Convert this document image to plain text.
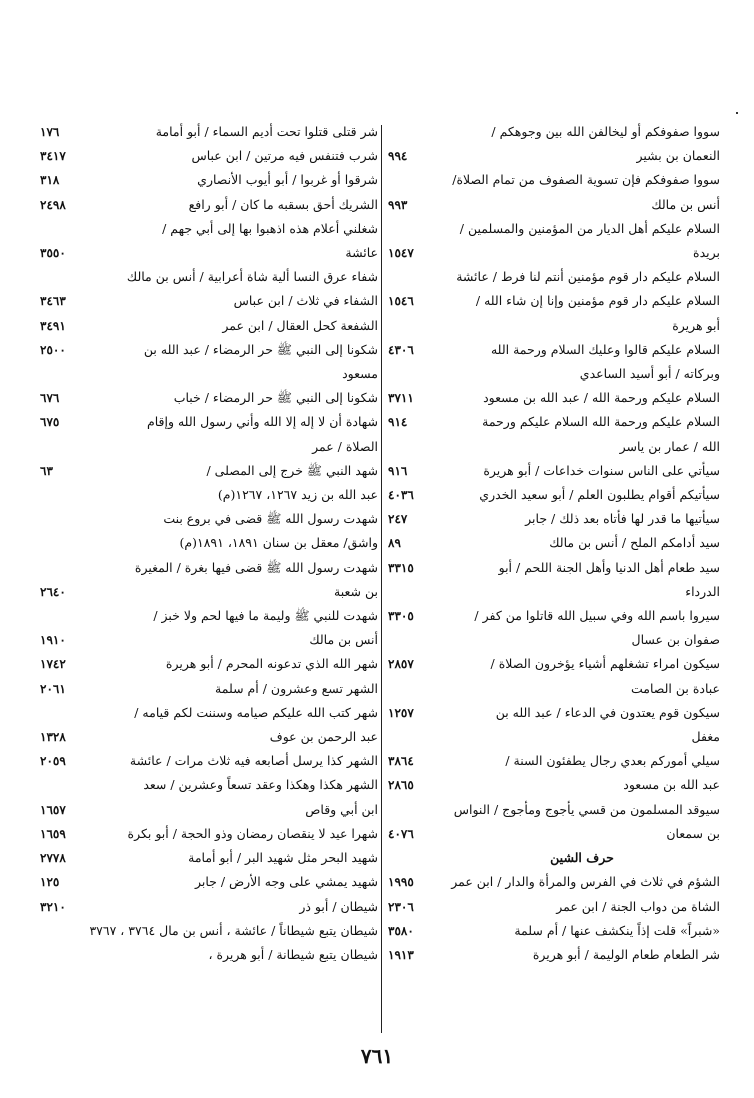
سووا صفوفكم أو ليخالفن الله بين وجوهكم /
النعمان بن بشير
٩٩٤
سووا صفوفكم فإن تسوية الصفوف من تمام الصلاة/
أنس بن مالك
٩٩٣
السلام عليكم أهل الديار من المؤمنين والمسلمين /
بريدة
١٥٤٧
السلام عليكم دار قوم مؤمنين أنتم لنا فرط / عائشة
السلام عليكم دار قوم مؤمنين وإنا إن شاء الله /
١٥٤٦
أبو هريرة
السلام عليكم قالوا وعليك السلام ورحمة الله
٤٣٠٦
وبركاته / أبو أسيد الساعدي
السلام عليكم ورحمة الله / عبد الله بن مسعود
٣٧١١
السلام عليكم ورحمة الله السلام عليكم ورحمة
٩١٤
الله / عمار بن ياسر
سيأتي على الناس سنوات خداعات / أبو هريرة
٩١٦
سيأتيكم أقوام يطلبون العلم / أبو سعيد الخدري
٤٠٣٦
سيأتيها ما قدر لها فأتاه بعد ذلك / جابر
٢٤٧
سيد أدامكم الملح / أنس بن مالك
٨٩
سيد طعام أهل الدنيا وأهل الجنة اللحم / أبو
٣٣١٥
الدرداء
سيروا باسم الله وفي سبيل الله قاتلوا من كفر /
٣٣٠٥
صفوان بن عسال
سيكون امراء تشغلهم أشياء يؤخرون الصلاة /
٢٨٥٧
عبادة بن الصامت
سيكون قوم يعتدون في الدعاء / عبد الله بن
١٢٥٧
مغفل
سيلي أموركم بعدي رجال يطفئون السنة /
٣٨٦٤
عبد الله بن مسعود
٢٨٦٥
سيوقد المسلمون من قسي يأجوج ومأجوج / النواس
بن سمعان
٤٠٧٦
حرف الشين
الشؤم في ثلاث في الفرس والمرأة والدار / ابن عمر
١٩٩٥
الشاة من دواب الجنة / ابن عمر
٢٣٠٦
«شبراً» قلت إذاً ينكشف عنها / أم سلمة
٣٥٨٠
شر الطعام طعام الوليمة / أبو هريرة
١٩١٣
شر قتلى قتلوا تحت أديم السماء / أبو أمامة
١٧٦
شرب فتنفس فيه مرتين / ابن عباس
٣٤١٧
شرقوا أو غربوا / أبو أيوب الأنصاري
٣١٨
الشريك أحق بسقبه ما كان / أبو رافع
٢٤٩٨
شغلني أعلام هذه اذهبوا بها إلى أبي جهم /
عائشة
٣٥٥٠
شفاء عرق النسا ألية شاة أعرابية / أنس بن مالك
الشفاء في ثلاث / ابن عباس
٣٤٦٣
الشفعة كحل العقال / ابن عمر
٣٤٩١
شكونا إلى النبي ﷺ حر الرمضاء / عبد الله بن
٢٥٠٠
مسعود
شكونا إلى النبي ﷺ حر الرمضاء / خباب
٦٧٦
شهادة أن لا إله إلا الله وأني رسول الله وإقام
٦٧٥
الصلاة / عمر
شهد النبي ﷺ خرج إلى المصلى /
٦٣
عبد الله بن زيد ١٢٦٧، ١٢٦٧(م)
شهدت رسول الله ﷺ قضى في بروع بنت
واشق/ معقل بن سنان ١٨٩١، ١٨٩١(م)
شهدت رسول الله ﷺ قضى فيها بغرة / المغيرة
بن شعبة
٢٦٤٠
شهدت للنبي ﷺ وليمة ما فيها لحم ولا خبز /
أنس بن مالك
١٩١٠
شهر الله الذي تدعونه المحرم / أبو هريرة
١٧٤٢
الشهر تسع وعشرون / أم سلمة
٢٠٦١
شهر كتب الله عليكم صيامه وسننت لكم قيامه /
عبد الرحمن بن عوف
١٣٢٨
الشهر كذا يرسل أصابعه فيه ثلاث مرات / عائشة
٢٠٥٩
الشهر هكذا وهكذا وعقد تسعاً وعشرين / سعد
ابن أبي وقاص
١٦٥٧
شهرا عيد لا ينقصان رمضان وذو الحجة / أبو بكرة
١٦٥٩
شهيد البحر مثل شهيد البر / أبو أمامة
٢٧٧٨
شهيد يمشي على وجه الأرض / جابر
١٢٥
شيطان / أبو ذر
٣٢١٠
شيطان يتبع شيطاناً / عائشة ، أنس بن مال ٣٧٦٤ ، ٣٧٦٧
شيطان يتبع شيطانة / أبو هريرة ،
٧٦١
